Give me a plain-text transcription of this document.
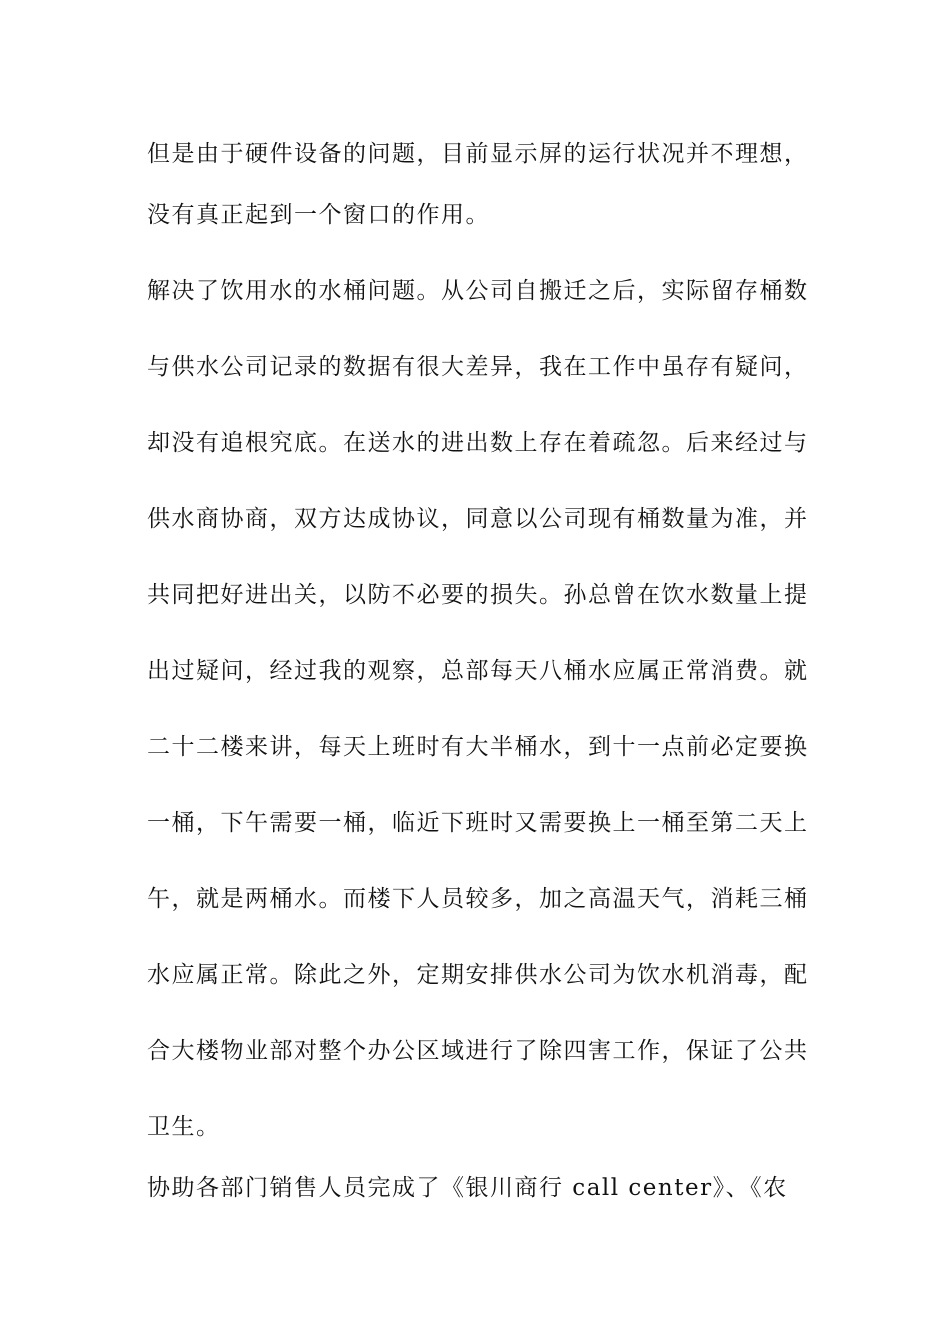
但是由于硬件设备的问题，目前显示屏的运行状况并不理想，
没有真正起到一个窗口的作用。
解决了饮用水的水桶问题。从公司自搬迁之后，实际留存桶数
与供水公司记录的数据有很大差异，我在工作中虽存有疑问，
却没有追根究底。在送水的进出数上存在着疏忽。后来经过与
供水商协商，双方达成协议，同意以公司现有桶数量为准，并
共同把好进出关，以防不必要的损失。孙总曾在饮水数量上提
出过疑问，经过我的观察，总部每天八桶水应属正常消费。就
二十二楼来讲，每天上班时有大半桶水，到十一点前必定要换
一桶，下午需要一桶，临近下班时又需要换上一桶至第二天上
午，就是两桶水。而楼下人员较多，加之高温天气，消耗三桶
水应属正常。除此之外，定期安排供水公司为饮水机消毒，配
合大楼物业部对整个办公区域进行了除四害工作，保证了公共
卫生。
协助各部门销售人员完成了《银川商行 call center》、《农
